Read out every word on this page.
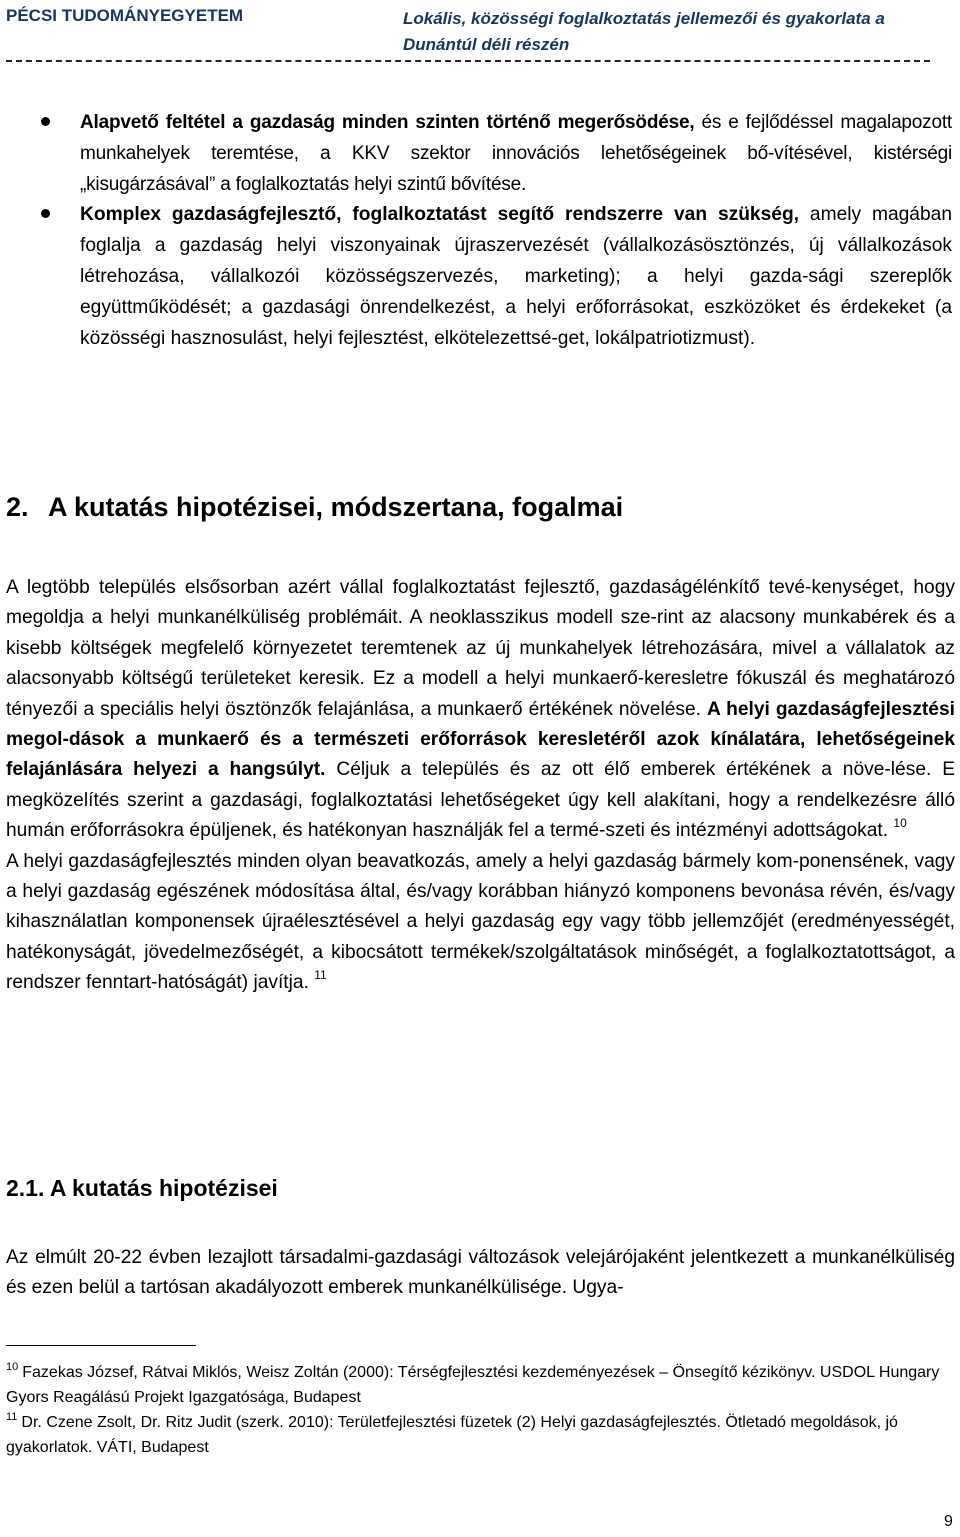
PÉCSI TUDOMÁNYEGYETEM	Lokális, közösségi foglalkoztatás jellemezői és gyakorlata a Dunántúl déli részén

Alapvető feltétel a gazdaság minden szinten történő megerősödése, és e fejlődéssel magalapozott munkahelyek teremtése, a KKV szektor innovációs lehetőségeinek bő-vítésével, kistérségi „kisugárzásával” a foglalkoztatás helyi szintű bővítése.

Komplex gazdaságfejlesztő, foglalkoztatást segítő rendszerre van szükség, amely magában foglalja a gazdaság helyi viszonyainak újraszervezését (vállalkozásösztönzés, új vállalkozások létrehozása, vállalkozói közösségszervezés, marketing); a helyi gazda-sági szereplők együttműködését; a gazdasági önrendelkezést, a helyi erőforrásokat, eszközöket és érdekeket (a közösségi hasznosulást, helyi fejlesztést, elkötelezettsé-get, lokálpatriotizmust).

2. A kutatás hipotézisei, módszertana, fogalmai

A legtöbb település elsősorban azért vállal foglalkoztatást fejlesztő, gazdaságélénkítő tevé-kenységet, hogy megoldja a helyi munkanélküliség problémáit. A neoklasszikus modell sze-rint az alacsony munkabérek és a kisebb költségek megfelelő környezetet teremtenek az új munkahelyek létrehozására, mivel a vállalatok az alacsonyabb költségű területeket keresik. Ez a modell a helyi munkaerő-keresletre fókuszál és meghatározó tényezői a speciális helyi ösztönzők felajánlása, a munkaerő értékének növelése. A helyi gazdaságfejlesztési megol-dások a munkaerő és a természeti erőforrások keresletéről azok kínálatára, lehetőségeinek felajánlására helyezi a hangsúlyt. Céljuk a település és az ott élő emberek értékének a növe-lése. E megközelítés szerint a gazdasági, foglalkoztatási lehetőségeket úgy kell alakítani, hogy a rendelkezésre álló humán erőforrásokra épüljenek, és hatékonyan használják fel a termé-szeti és intézményi adottságokat. $^{10}$

A helyi gazdaságfejlesztés minden olyan beavatkozás, amely a helyi gazdaság bármely kom-ponensének, vagy a helyi gazdaság egészének módosítása által, és/vagy korábban hiányzó komponens bevonása révén, és/vagy kihasználatlan komponensek újraélesztésével a helyi gazdaság egy vagy több jellemzőjét (eredményességét, hatékonyságát, jövedelmezőségét, a kibocsátott termékek/szolgáltatások minőségét, a foglalkoztatottságot, a rendszer fenntart-hatóságát) javítja. $^{11}$

2.1. A kutatás hipotézisei

Az elmúlt 20-22 évben lezajlott társadalmi-gazdasági változások velejárójaként jelentkezett a munkanélküliség és ezen belül a tartósan akadályozott emberek munkanélkülisége. Ugya-

$^{10}$ Fazekas József, Rátvai Miklós, Weisz Zoltán (2000): Térségfejlesztési kezdeményezések – Önsegítő kézikönyv. USDOL Hungary Gyors Reagálású Projekt Igazgatósága, Budapest

$^{11}$ Dr. Czene Zsolt, Dr. Ritz Judit (szerk. 2010): Területfejlesztési füzetek (2) Helyi gazdaságfejlesztés. Ötletadó megoldások, jó gyakorlatok. VÁTI, Budapest

9
